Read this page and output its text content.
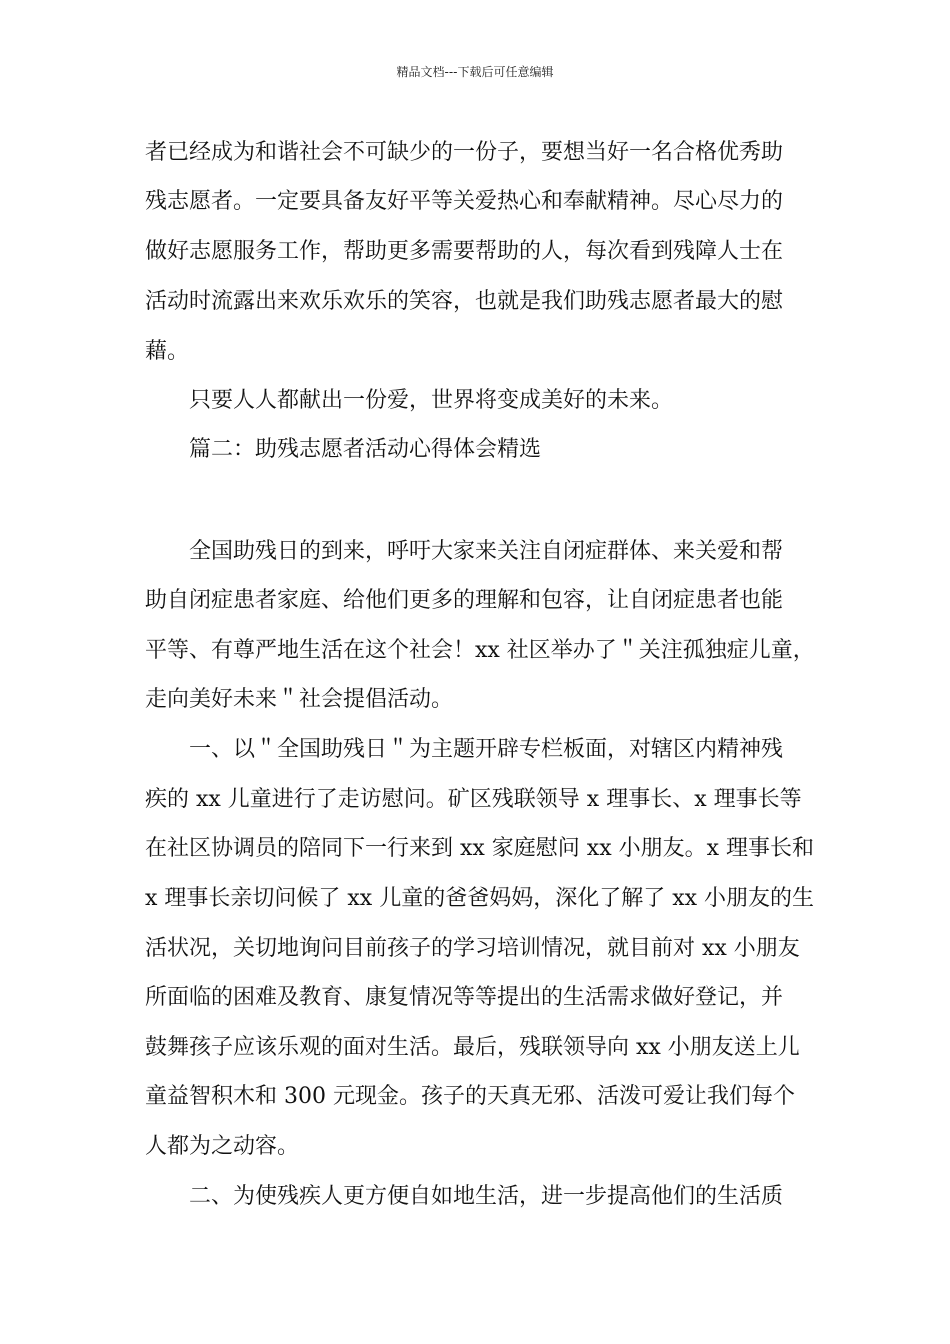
精品文档---下载后可任意编辑
者已经成为和谐社会不可缺少的一份子，要想当好一名合格优秀助
残志愿者。一定要具备友好平等关爱热心和奉献精神。尽心尽力的
做好志愿服务工作，帮助更多需要帮助的人，每次看到残障人士在
活动时流露出来欢乐欢乐的笑容，也就是我们助残志愿者最大的慰
藉。
只要人人都献出一份爱，世界将变成美好的未来。
篇二：助残志愿者活动心得体会精选
全国助残日的到来，呼吁大家来关注自闭症群体、来关爱和帮
助自闭症患者家庭、给他们更多的理解和包容，让自闭症患者也能
平等、有尊严地生活在这个社会！xx 社区举办了＂关注孤独症儿童，
走向美好未来＂社会提倡活动。
一、以＂全国助残日＂为主题开辟专栏板面，对辖区内精神残
疾的 xx 儿童进行了走访慰问。矿区残联领导 x 理事长、x 理事长等
在社区协调员的陪同下一行来到 xx 家庭慰问 xx 小朋友。x 理事长和
x 理事长亲切问候了 xx 儿童的爸爸妈妈，深化了解了 xx 小朋友的生
活状况，关切地询问目前孩子的学习培训情况，就目前对 xx 小朋友
所面临的困难及教育、康复情况等等提出的生活需求做好登记，并
鼓舞孩子应该乐观的面对生活。最后，残联领导向 xx 小朋友送上儿
童益智积木和 300 元现金。孩子的天真无邪、活泼可爱让我们每个
人都为之动容。
二、为使残疾人更方便自如地生活，进一步提高他们的生活质
